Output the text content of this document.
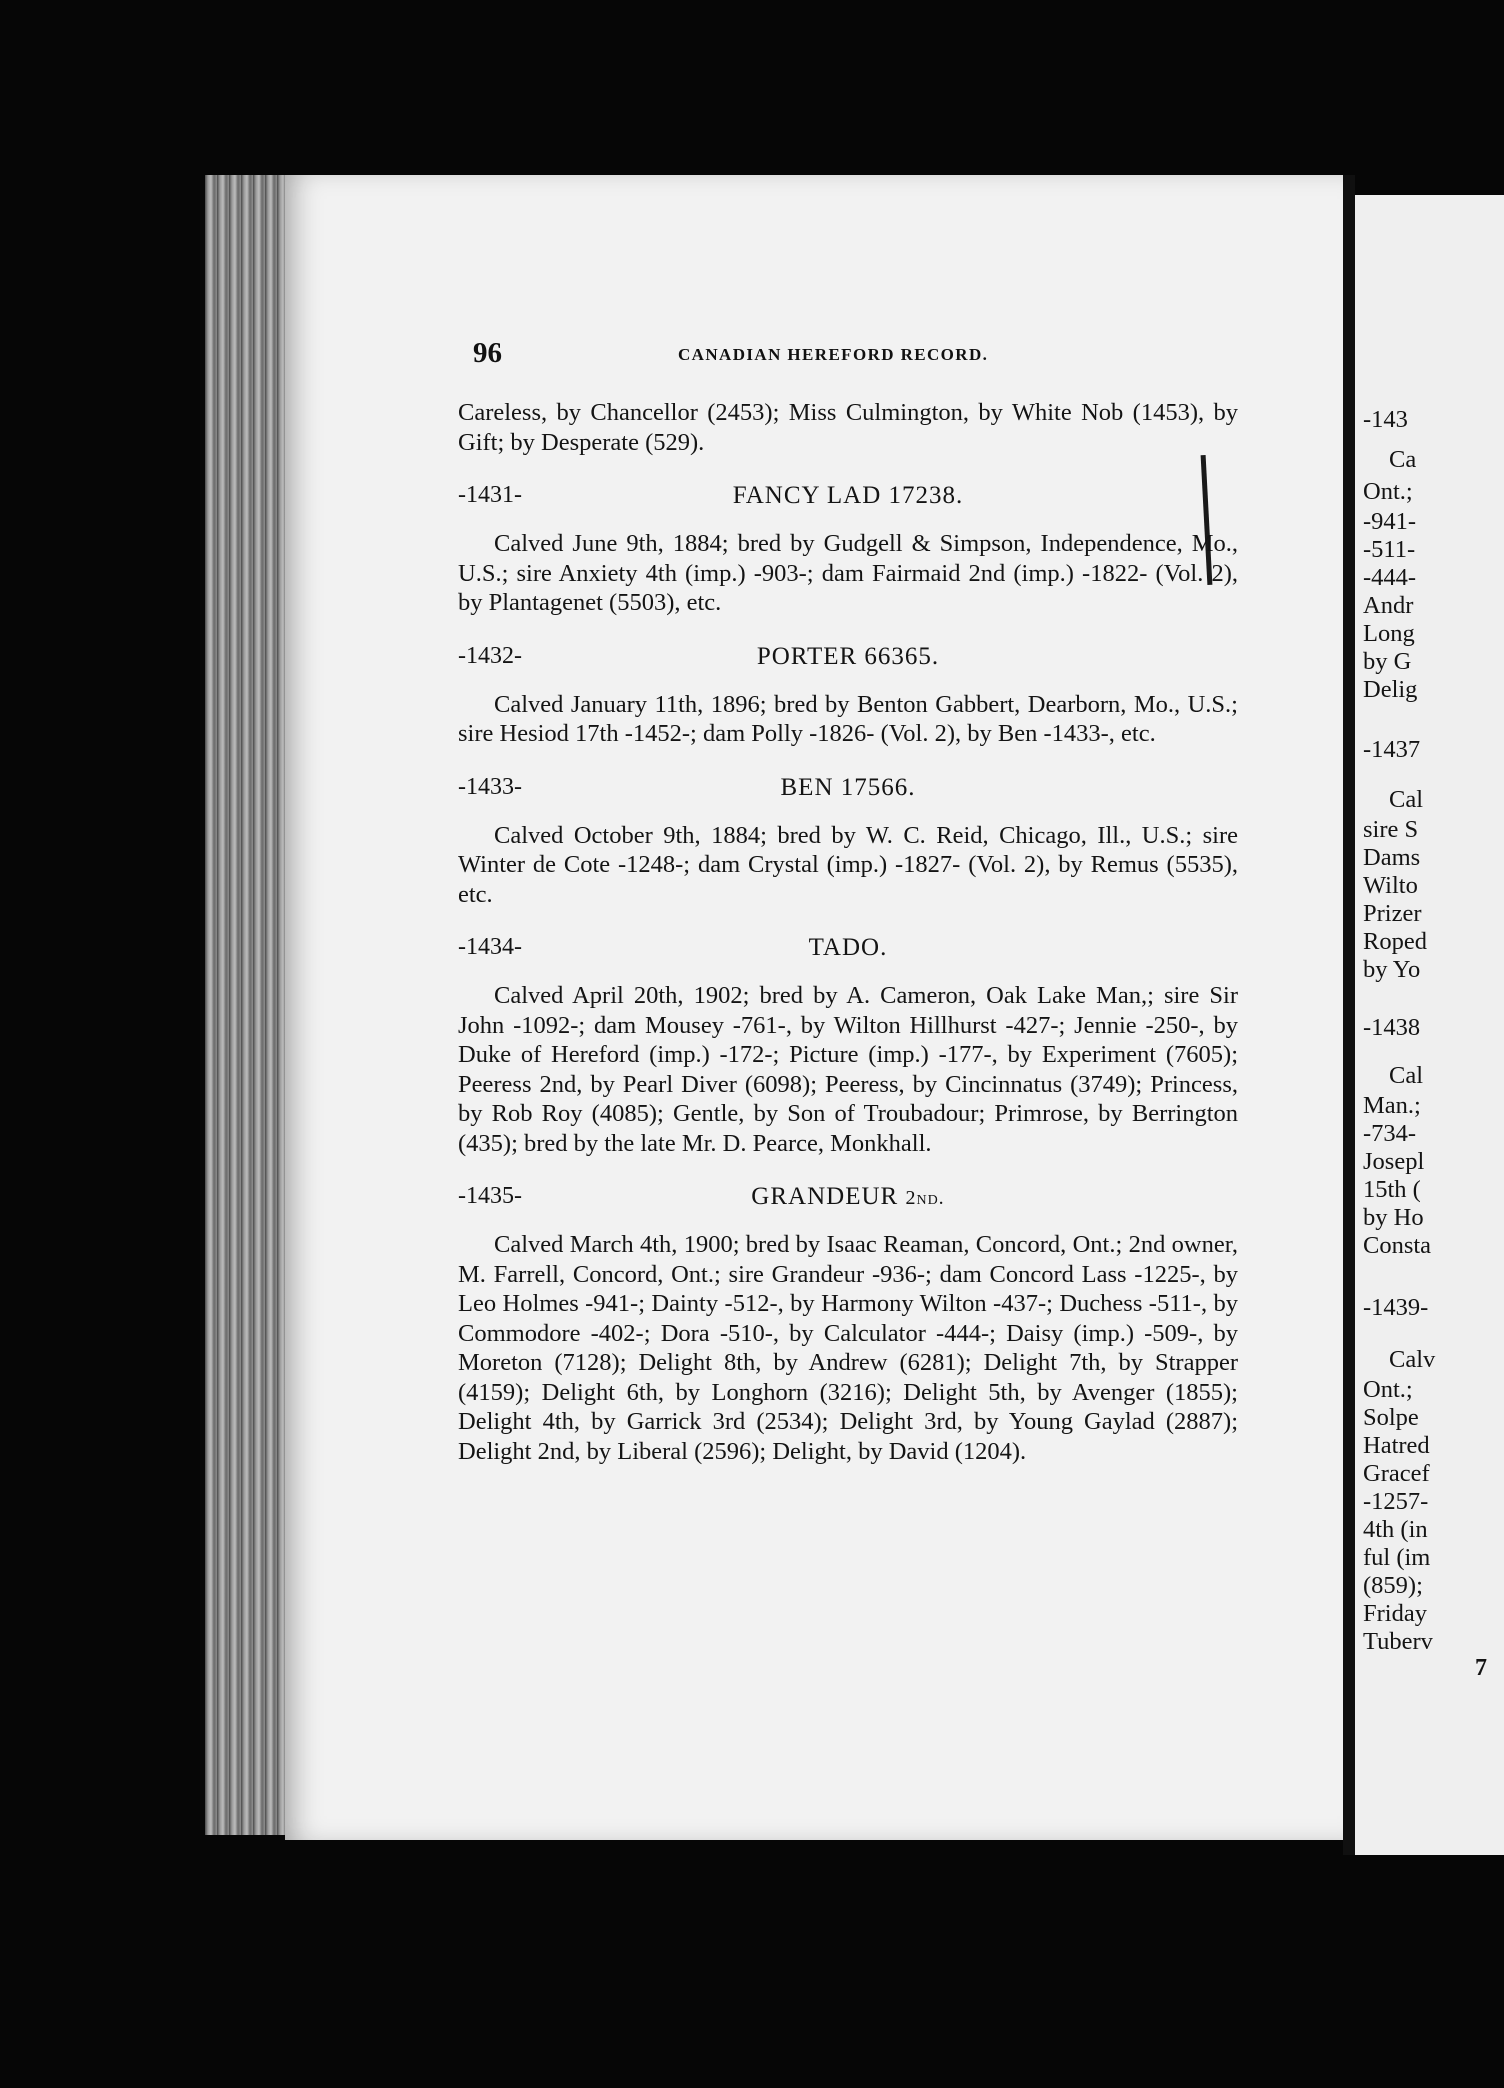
96	CANADIAN HEREFORD RECORD.

Careless, by Chancellor (2453); Miss Culmington, by White Nob (1453), by Gift; by Desperate (529).

-1431-	FANCY LAD 17238.

Calved June 9th, 1884; bred by Gudgell & Simpson, Independence, Mo., U.S.; sire Anxiety 4th (imp.) -903-; dam Fairmaid 2nd (imp.) -1822- (Vol. 2), by Plantagenet (5503), etc.

-1432-	PORTER 66365.

Calved January 11th, 1896; bred by Benton Gabbert, Dearborn, Mo., U.S.; sire Hesiod 17th -1452-; dam Polly -1826- (Vol. 2), by Ben -1433-, etc.

-1433-	BEN 17566.

Calved October 9th, 1884; bred by W. C. Reid, Chicago, Ill., U.S.; sire Winter de Cote -1248-; dam Crystal (imp.) -1827- (Vol. 2), by Remus (5535), etc.

-1434-	TADO.

Calved April 20th, 1902; bred by A. Cameron, Oak Lake Man,; sire Sir John -1092-; dam Mousey -761-, by Wilton Hillhurst -427-; Jennie -250-, by Duke of Hereford (imp.) -172-; Picture (imp.) -177-, by Experiment (7605); Peeress 2nd, by Pearl Diver (6098); Peeress, by Cincinnatus (3749); Princess, by Rob Roy (4085); Gentle, by Son of Troubadour; Primrose, by Berrington (435); bred by the late Mr. D. Pearce, Monkhall.

-1435-	GRANDEUR 2nd.

Calved March 4th, 1900; bred by Isaac Reaman, Concord, Ont.; 2nd owner, M. Farrell, Concord, Ont.; sire Grandeur -936-; dam Concord Lass -1225-, by Leo Holmes -941-; Dainty -512-, by Harmony Wilton -437-; Duchess -511-, by Commodore -402-; Dora -510-, by Calculator -444-; Daisy (imp.) -509-, by Moreton (7128); Delight 8th, by Andrew (6281); Delight 7th, by Strapper (4159); Delight 6th, by Longhorn (3216); Delight 5th, by Avenger (1855); Delight 4th, by Garrick 3rd (2534); Delight 3rd, by Young Gaylad (2887); Delight 2nd, by Liberal (2596); Delight, by David (1204).

-143
Ca
Ont.;
-941-
-511-
-444-
Andr
Long
by G
Delig
-1437
Cal
sire S
Dams
Wilto
Prizer
Roped
by Yo
-1438
Cal
Man.;
-734-
Josepl
15th (
by Ho
Consta
-1439-
Calv
Ont.;
Solpe
Hatred
Gracef
-1257-
4th (in
ful (im
(859);
Friday
Tuberv
7
